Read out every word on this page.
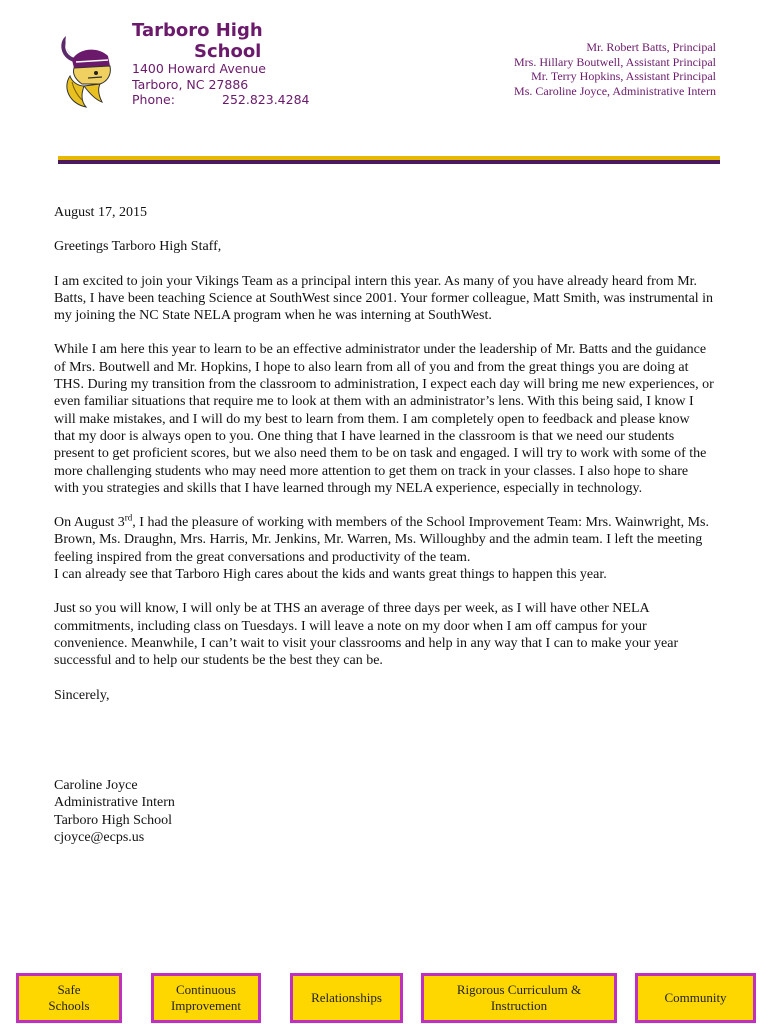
Tarboro High
School
1400 Howard Avenue
Tarboro, NC 27886
Phone:	252.823.4284
Mr. Robert Batts, Principal
Mrs. Hillary Boutwell, Assistant Principal
Mr. Terry Hopkins, Assistant Principal
Ms. Caroline Joyce, Administrative Intern

August 17, 2015

Greetings Tarboro High Staff,

I am excited to join your Vikings Team as a principal intern this year. As many of you have already heard from Mr. Batts, I have been teaching Science at SouthWest since 2001. Your former colleague, Matt Smith, was instrumental in my joining the NC State NELA program when he was interning at SouthWest.

While I am here this year to learn to be an effective administrator under the leadership of Mr. Batts and the guidance of Mrs. Boutwell and Mr. Hopkins, I hope to also learn from all of you and from the great things you are doing at THS. During my transition from the classroom to administration, I expect each day will bring me new experiences, or even familiar situations that require me to look at them with an administrator’s lens. With this being said, I know I will make mistakes, and I will do my best to learn from them. I am completely open to feedback and please know that my door is always open to you. One thing that I have learned in the classroom is that we need our students present to get proficient scores, but we also need them to be on task and engaged. I will try to work with some of the more challenging students who may need more attention to get them on track in your classes. I also hope to share with you strategies and skills that I have learned through my NELA experience, especially in technology.

On August 3rd, I had the pleasure of working with members of the School Improvement Team: Mrs. Wainwright, Ms. Brown, Ms. Draughn, Mrs. Harris, Mr. Jenkins, Mr. Warren, Ms. Willoughby and the admin team. I left the meeting feeling inspired from the great conversations and productivity of the team.
I can already see that Tarboro High cares about the kids and wants great things to happen this year.

Just so you will know, I will only be at THS an average of three days per week, as I will have other NELA commitments, including class on Tuesdays. I will leave a note on my door when I am off campus for your convenience. Meanwhile, I can’t wait to visit your classrooms and help in any way that I can to make your year successful and to help our students be the best they can be.

Sincerely,

Caroline Joyce
Administrative Intern
Tarboro High School
cjoyce@ecps.us
Safe
Schools
Continuous
Improvement
Relationships
Rigorous Curriculum &
Instruction
Community
